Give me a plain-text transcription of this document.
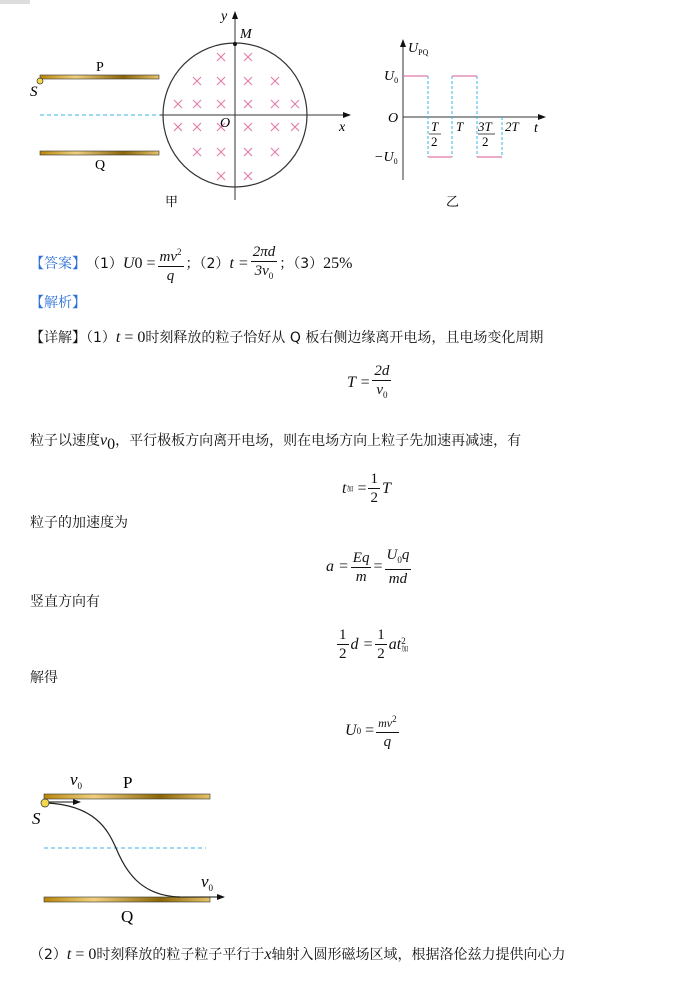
y
M
O	x
P
Q
S
甲
$U_{PQ}$
$U_0$
$-U_0$
O
T
2
T 3T
2
2T t
乙
【答案】 （1） U $0 = \frac{mv^2}{q}$ ；（2） $t = \frac{2\pi d}{3v_0}$ ；（3） 25%
【解析】
【详解】（1）t = 0时刻释放的粒子恰好从 Q 板右侧边缘离开电场，且电场变化周期
$T = \frac{2d}{v_0}$
粒子以速度$v_0$，平行极板方向离开电场，则在电场方向上粒子先加速再减速，有
t 加 = $\frac{1}{2}$ T
粒子的加速度为
$a = \frac{Eq}{m} = \frac{U_0q}{md}$
竖直方向有
$\frac{1}{2}$ $d = \frac{1}{2}$ at 2
加
解得
U $0 = \frac{mv^2}{q}$
$v_0$ P
S
$v_0$
Q
（2）t = 0时刻释放的粒子粒子平行于x轴射入圆形磁场区域，根据洛伦兹力提供向心力
